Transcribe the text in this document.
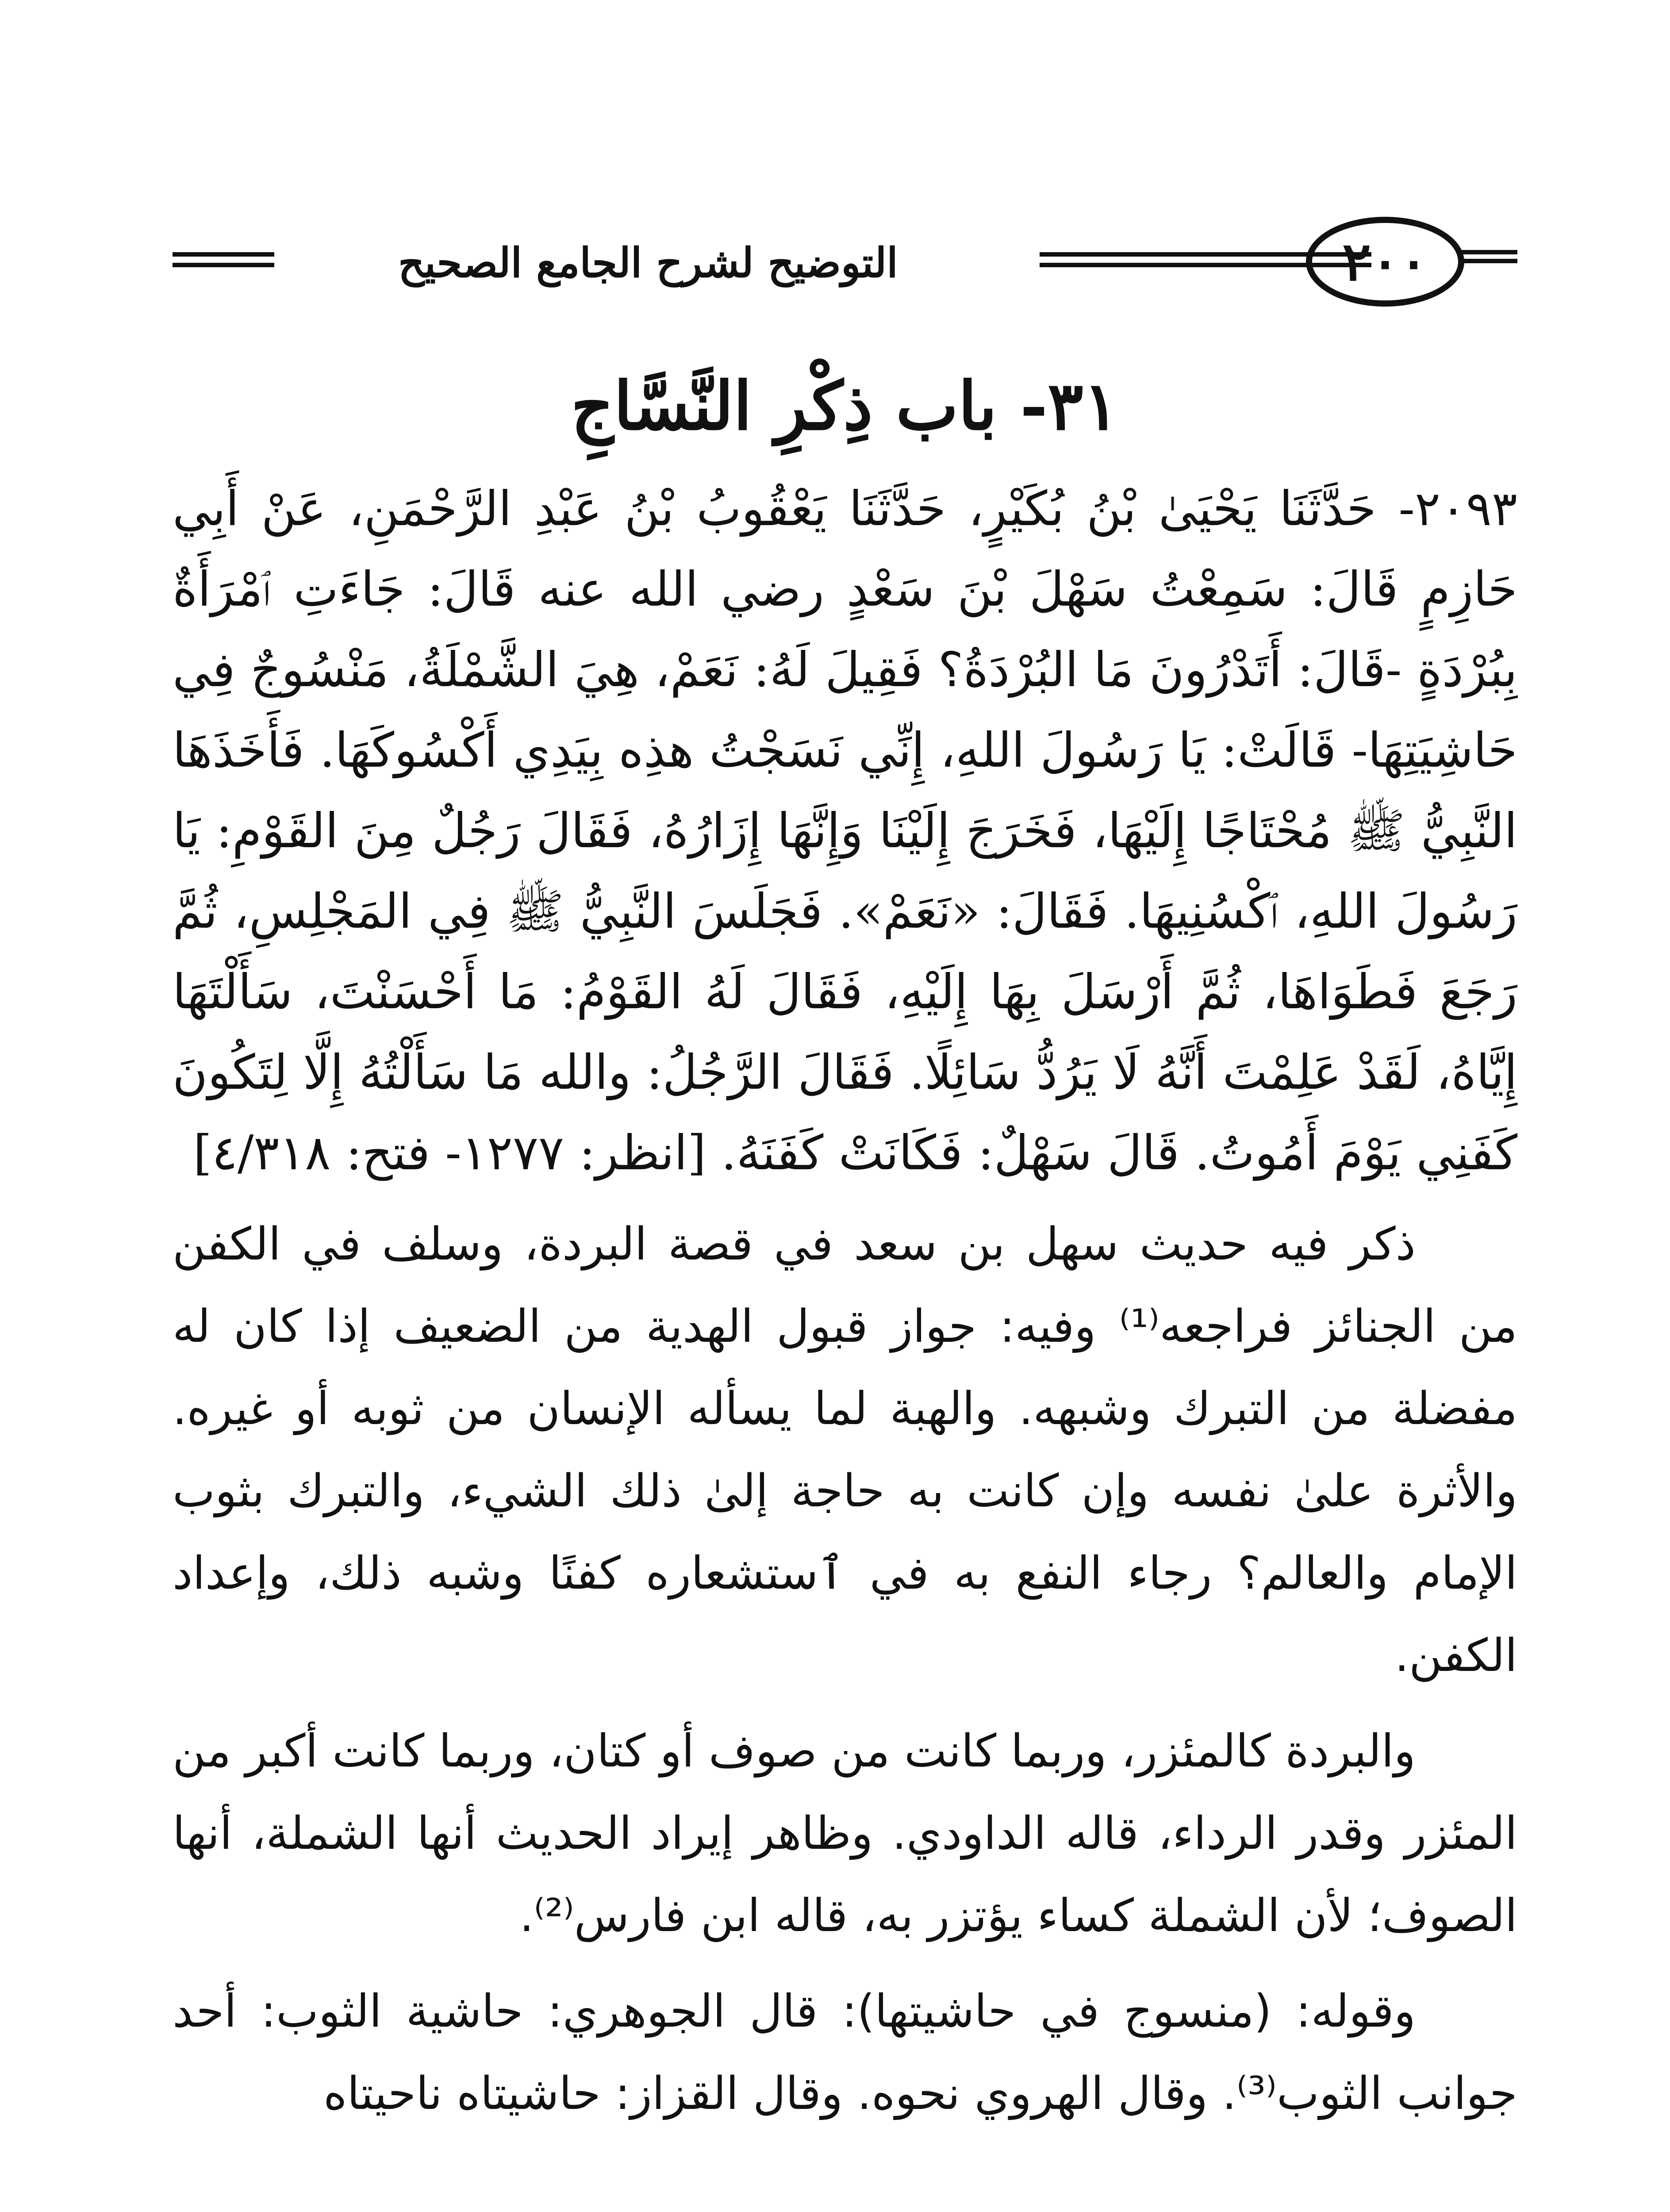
التوضيح لشرح الجامع الصحيح	٢٠٠
٣١- باب ذِكْرِ النَّسَّاجِ
٢٠٩٣- حَدَّثَنَا يَحْيَىٰ بْنُ بُكَيْرٍ، حَدَّثَنَا يَعْقُوبُ بْنُ عَبْدِ الرَّحْمَنِ، عَنْ أَبِي حَازِمٍ قَالَ: سَمِعْتُ سَهْلَ بْنَ سَعْدٍ رضي الله عنه قَالَ: جَاءَتِ ٱمْرَأَةٌ بِبُرْدَةٍ -قَالَ: أَتَدْرُونَ مَا البُرْدَةُ؟ فَقِيلَ لَهُ: نَعَمْ، هِيَ الشَّمْلَةُ، مَنْسُوجٌ فِي حَاشِيَتِهَا- قَالَتْ: يَا رَسُولَ اللهِ، إِنِّي نَسَجْتُ هذِه بِيَدِي أَكْسُوكَهَا. فَأَخَذَهَا النَّبِيُّ ﷺ مُحْتَاجًا إِلَيْهَا، فَخَرَجَ إِلَيْنَا وَإِنَّهَا إِزَارُهُ، فَقَالَ رَجُلٌ مِنَ القَوْمِ: يَا رَسُولَ اللهِ، ٱكْسُنِيهَا. فَقَالَ: «نَعَمْ». فَجَلَسَ النَّبِيُّ ﷺ فِي المَجْلِسِ، ثُمَّ رَجَعَ فَطَوَاهَا، ثُمَّ أَرْسَلَ بِهَا إِلَيْهِ، فَقَالَ لَهُ القَوْمُ: مَا أَحْسَنْتَ، سَأَلْتَهَا إِيَّاهُ، لَقَدْ عَلِمْتَ أَنَّهُ لَا يَرُدُّ سَائِلًا. فَقَالَ الرَّجُلُ: والله مَا سَأَلْتُهُ إِلَّا لِتَكُونَ كَفَنِي يَوْمَ أَمُوتُ. قَالَ سَهْلٌ: فَكَانَتْ كَفَنَهُ. [انظر: ١٢٧٧- فتح: ٤/٣١٨]

ذكر فيه حديث سهل بن سعد في قصة البردة، وسلف في الكفن من الجنائز فراجعه⁽¹⁾ وفيه: جواز قبول الهدية من الضعيف إذا كان له مفضلة من التبرك وشبهه. والهبة لما يسأله الإنسان من ثوبه أو غيره. والأثرة علىٰ نفسه وإن كانت به حاجة إلىٰ ذلك الشيء، والتبرك بثوب الإمام والعالم؟ رجاء النفع به في ٱستشعاره كفنًا وشبه ذلك، وإعداد الكفن.

والبردة كالمئزر، وربما كانت من صوف أو كتان، وربما كانت أكبر من المئزر وقدر الرداء، قاله الداودي. وظاهر إيراد الحديث أنها الشملة، أنها الصوف؛ لأن الشملة كساء يؤتزر به، قاله ابن فارس⁽²⁾.

وقوله: (منسوج في حاشيتها): قال الجوهري: حاشية الثوب: أحد جوانب الثوب⁽³⁾. وقال الهروي نحوه. وقال القزاز: حاشيتاه ناحيتاه
